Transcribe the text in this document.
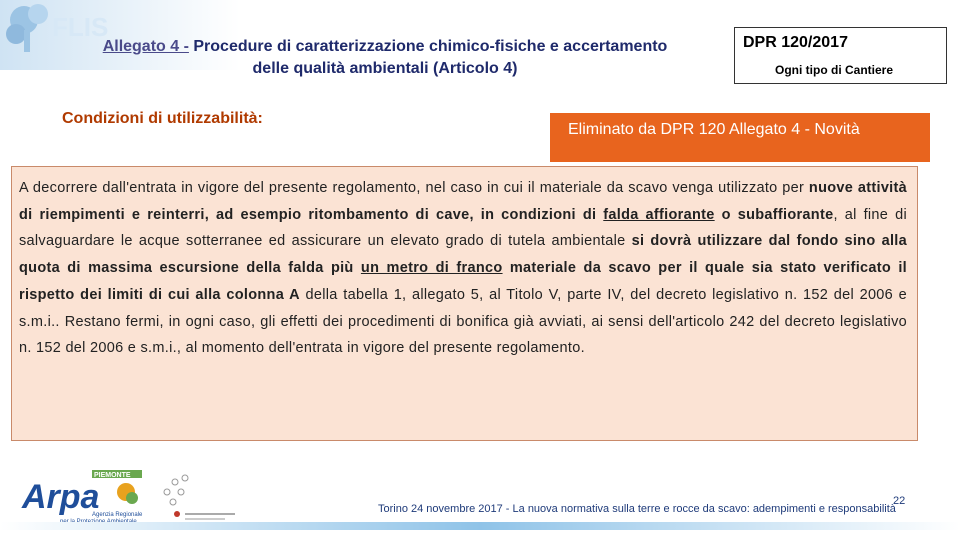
FLIS
Allegato 4 - Procedure di caratterizzazione chimico-fisiche e accertamento
delle qualità ambientali (Articolo 4)
DPR 120/2017
Ogni tipo di Cantiere
Condizioni di utilizzabilità:
Eliminato da DPR 120 Allegato 4 - Novità
A decorrere dall'entrata in vigore del presente regolamento, nel caso in cui il materiale da scavo venga utilizzato per nuove attività di riempimenti e reinterri, ad esempio ritombamento di cave, in condizioni di falda affiorante o subaffiorante, al fine di salvaguardare le acque sotterranee ed assicurare un elevato grado di tutela ambientale si dovrà utilizzare dal fondo sino alla quota di massima escursione della falda più un metro di franco materiale da scavo per il quale sia stato verificato il rispetto dei limiti di cui alla colonna A della tabella 1, allegato 5, al Titolo V, parte IV, del decreto legislativo n. 152 del 2006 e s.m.i.. Restano fermi, in ogni caso, gli effetti dei procedimenti di bonifica già avviati, ai sensi dell'articolo 242 del decreto legislativo n. 152 del 2006 e s.m.i., al momento dell'entrata in vigore del presente regolamento.
PIEMONTE
Arpa
Agenzia Regionale	Torino 24 novembre 2017 - La nuova normativa sulla terre e rocce da scavo: adempimenti e responsabilità
22
